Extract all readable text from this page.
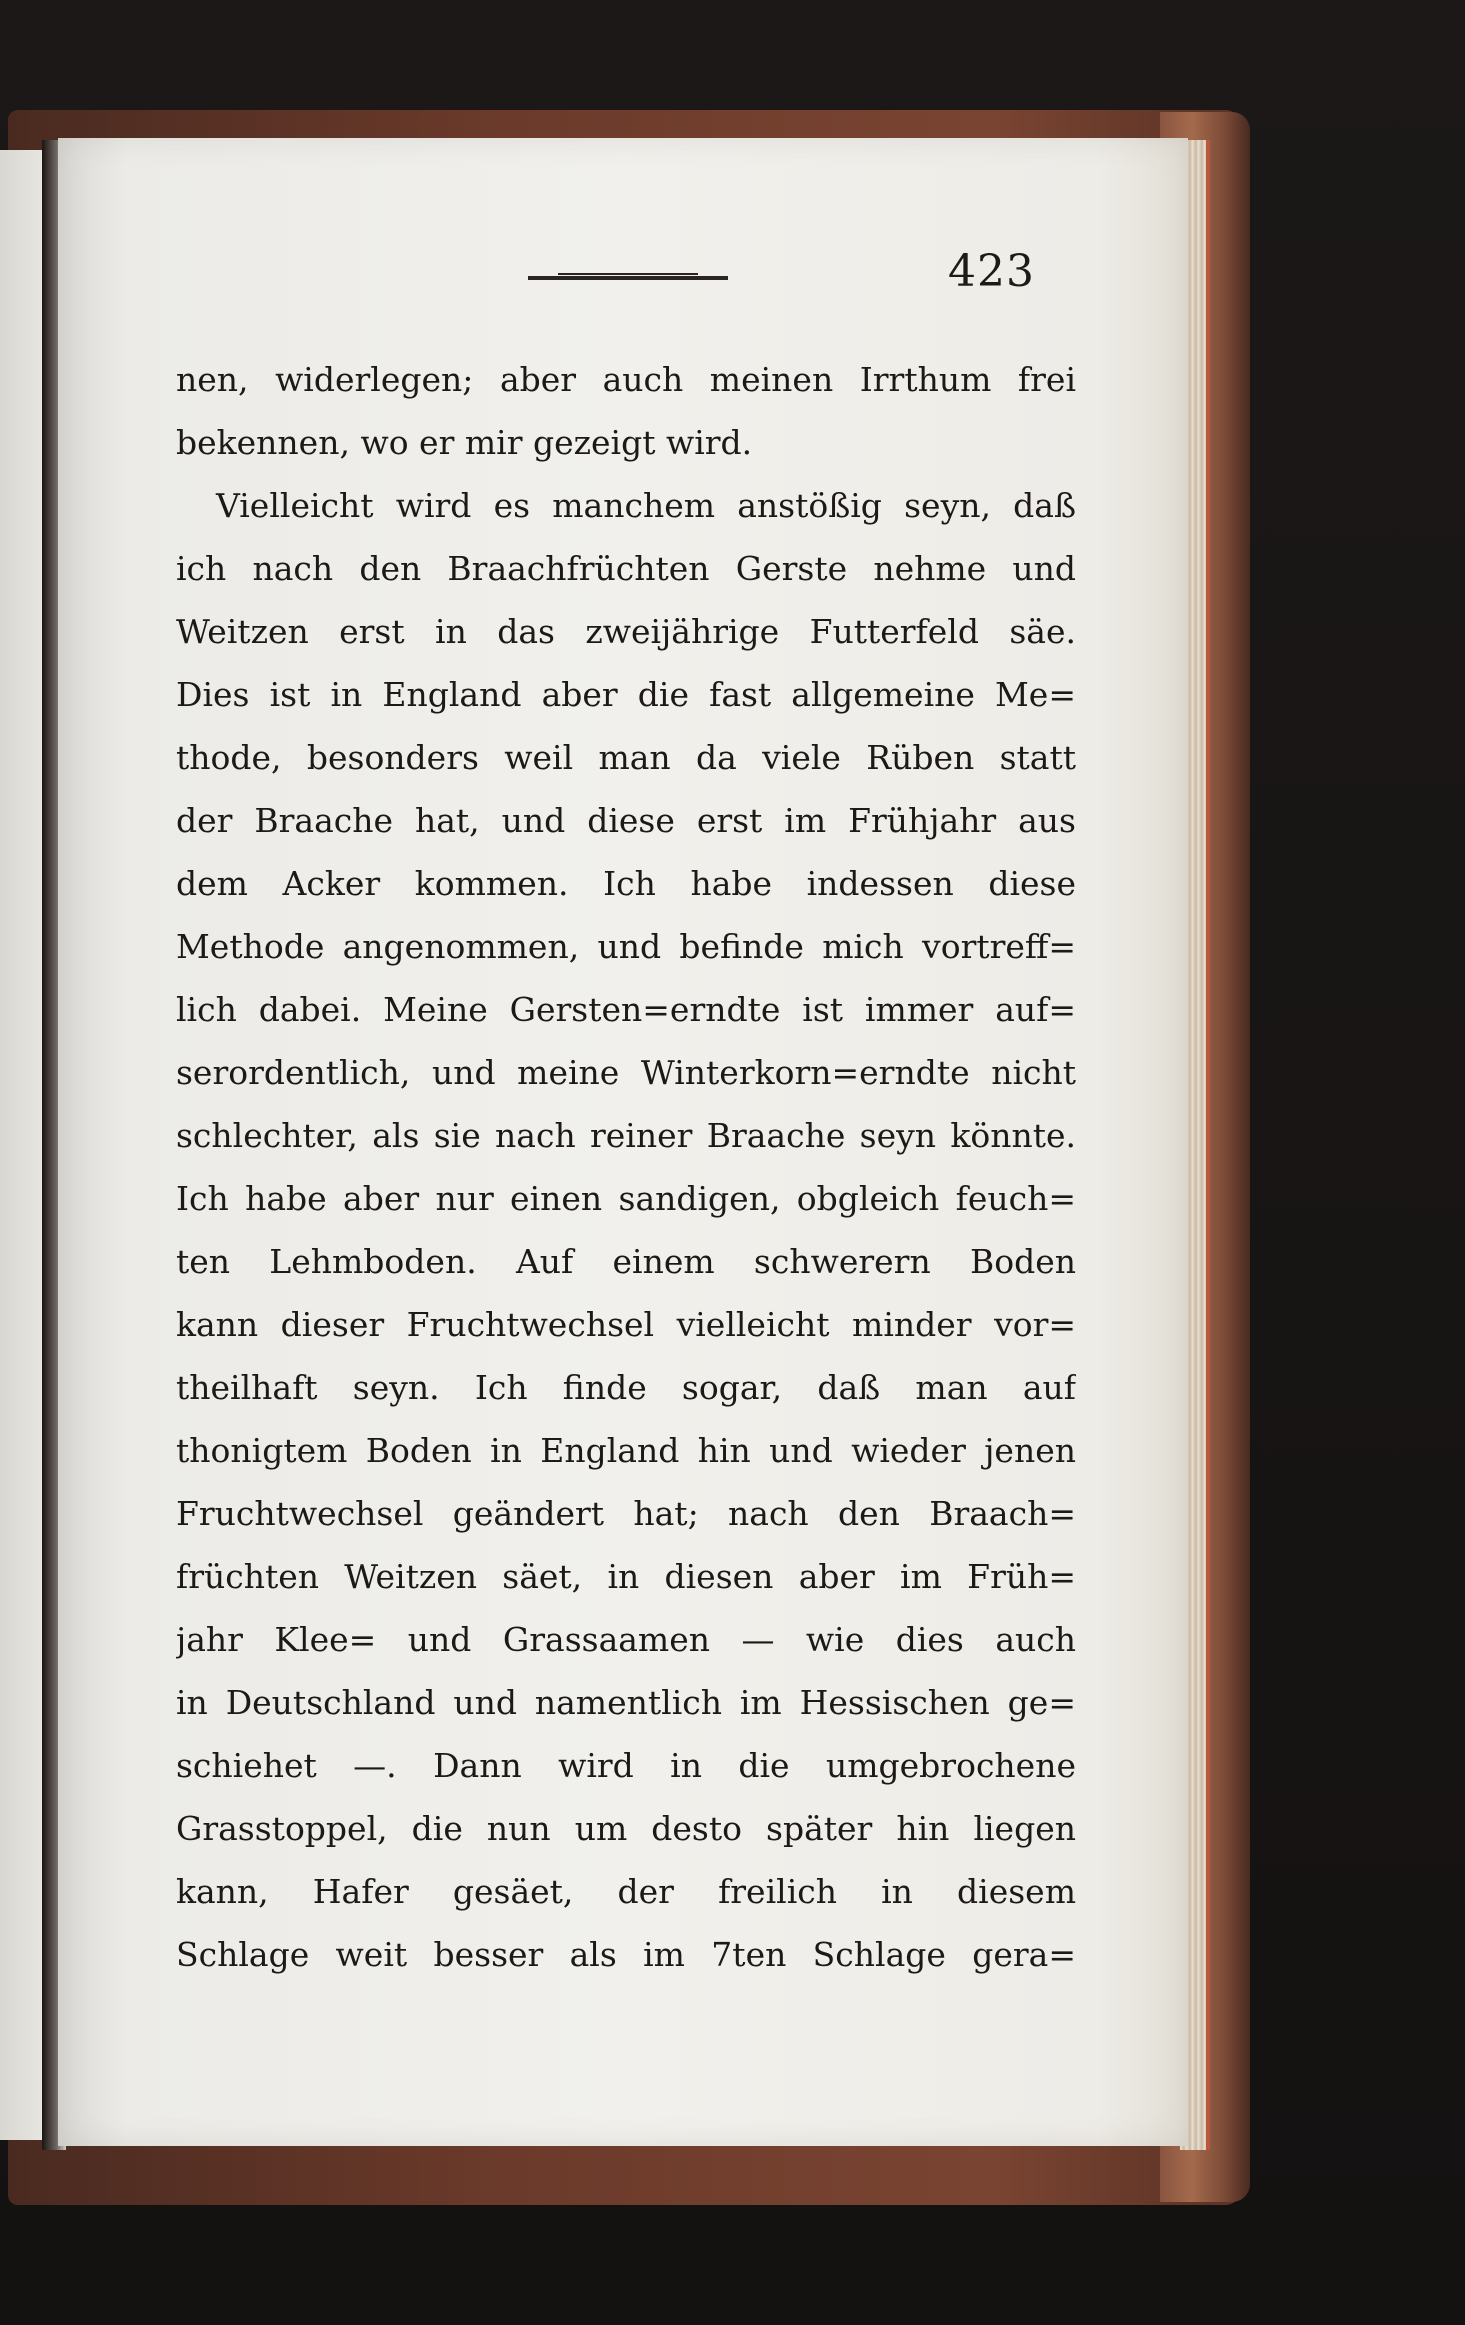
423
nen, widerlegen; aber auch meinen Irrthum frei
bekennen, wo er mir gezeigt wird.
Vielleicht wird es manchem anstößig seyn, daß
ich nach den Braachfrüchten Gerste nehme und
Weitzen erst in das zweijährige Futterfeld säe.
Dies ist in England aber die fast allgemeine Me=
thode, besonders weil man da viele Rüben statt
der Braache hat, und diese erst im Frühjahr aus
dem Acker kommen. Ich habe indessen diese
Methode angenommen, und befinde mich vortreff=
lich dabei. Meine Gersten=erndte ist immer auf=
serordentlich, und meine Winterkorn=erndte nicht
schlechter, als sie nach reiner Braache seyn könnte.
Ich habe aber nur einen sandigen, obgleich feuch=
ten Lehmboden. Auf einem schwerern Boden
kann dieser Fruchtwechsel vielleicht minder vor=
theilhaft seyn. Ich finde sogar, daß man auf
thonigtem Boden in England hin und wieder jenen
Fruchtwechsel geändert hat; nach den Braach=
früchten Weitzen säet, in diesen aber im Früh=
jahr Klee= und Grassaamen — wie dies auch
in Deutschland und namentlich im Hessischen ge=
schiehet —. Dann wird in die umgebrochene
Grasstoppel, die nun um desto später hin liegen
kann, Hafer gesäet, der freilich in diesem
Schlage weit besser als im 7ten Schlage gera=
